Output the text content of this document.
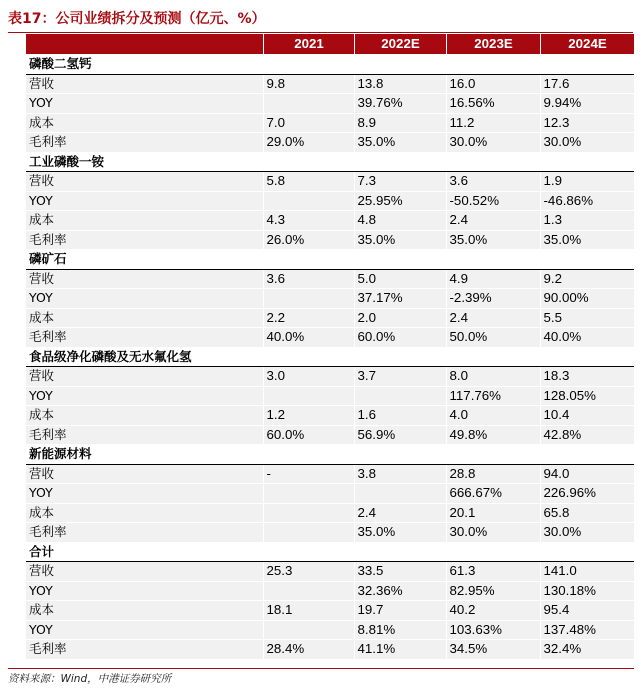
表17：公司业绩拆分及预测（亿元、%）
	2021	2022E	2023E	2024E
磷酸二氢钙				
营收	9.8	13.8	16.0	17.6
YOY		39.76%	16.56%	9.94%
成本	7.0	8.9	11.2	12.3
毛利率	29.0%	35.0%	30.0%	30.0%
工业磷酸一铵				
营收	5.8	7.3	3.6	1.9
YOY		25.95%	-50.52%	-46.86%
成本	4.3	4.8	2.4	1.3
毛利率	26.0%	35.0%	35.0%	35.0%
磷矿石				
营收	3.6	5.0	4.9	9.2
YOY		37.17%	-2.39%	90.00%
成本	2.2	2.0	2.4	5.5
毛利率	40.0%	60.0%	50.0%	40.0%
食品级净化磷酸及无水氟化氢				
营收	3.0	3.7	8.0	18.3
YOY			117.76%	128.05%
成本	1.2	1.6	4.0	10.4
毛利率	60.0%	56.9%	49.8%	42.8%
新能源材料				
营收	-	3.8	28.8	94.0
YOY			666.67%	226.96%
成本		2.4	20.1	65.8
毛利率		35.0%	30.0%	30.0%
合计				
营收	25.3	33.5	61.3	141.0
YOY		32.36%	82.95%	130.18%
成本	18.1	19.7	40.2	95.4
YOY		8.81%	103.63%	137.48%
毛利率	28.4%	41.1%	34.5%	32.4%
资料来源：Wind，中港证券研究所
